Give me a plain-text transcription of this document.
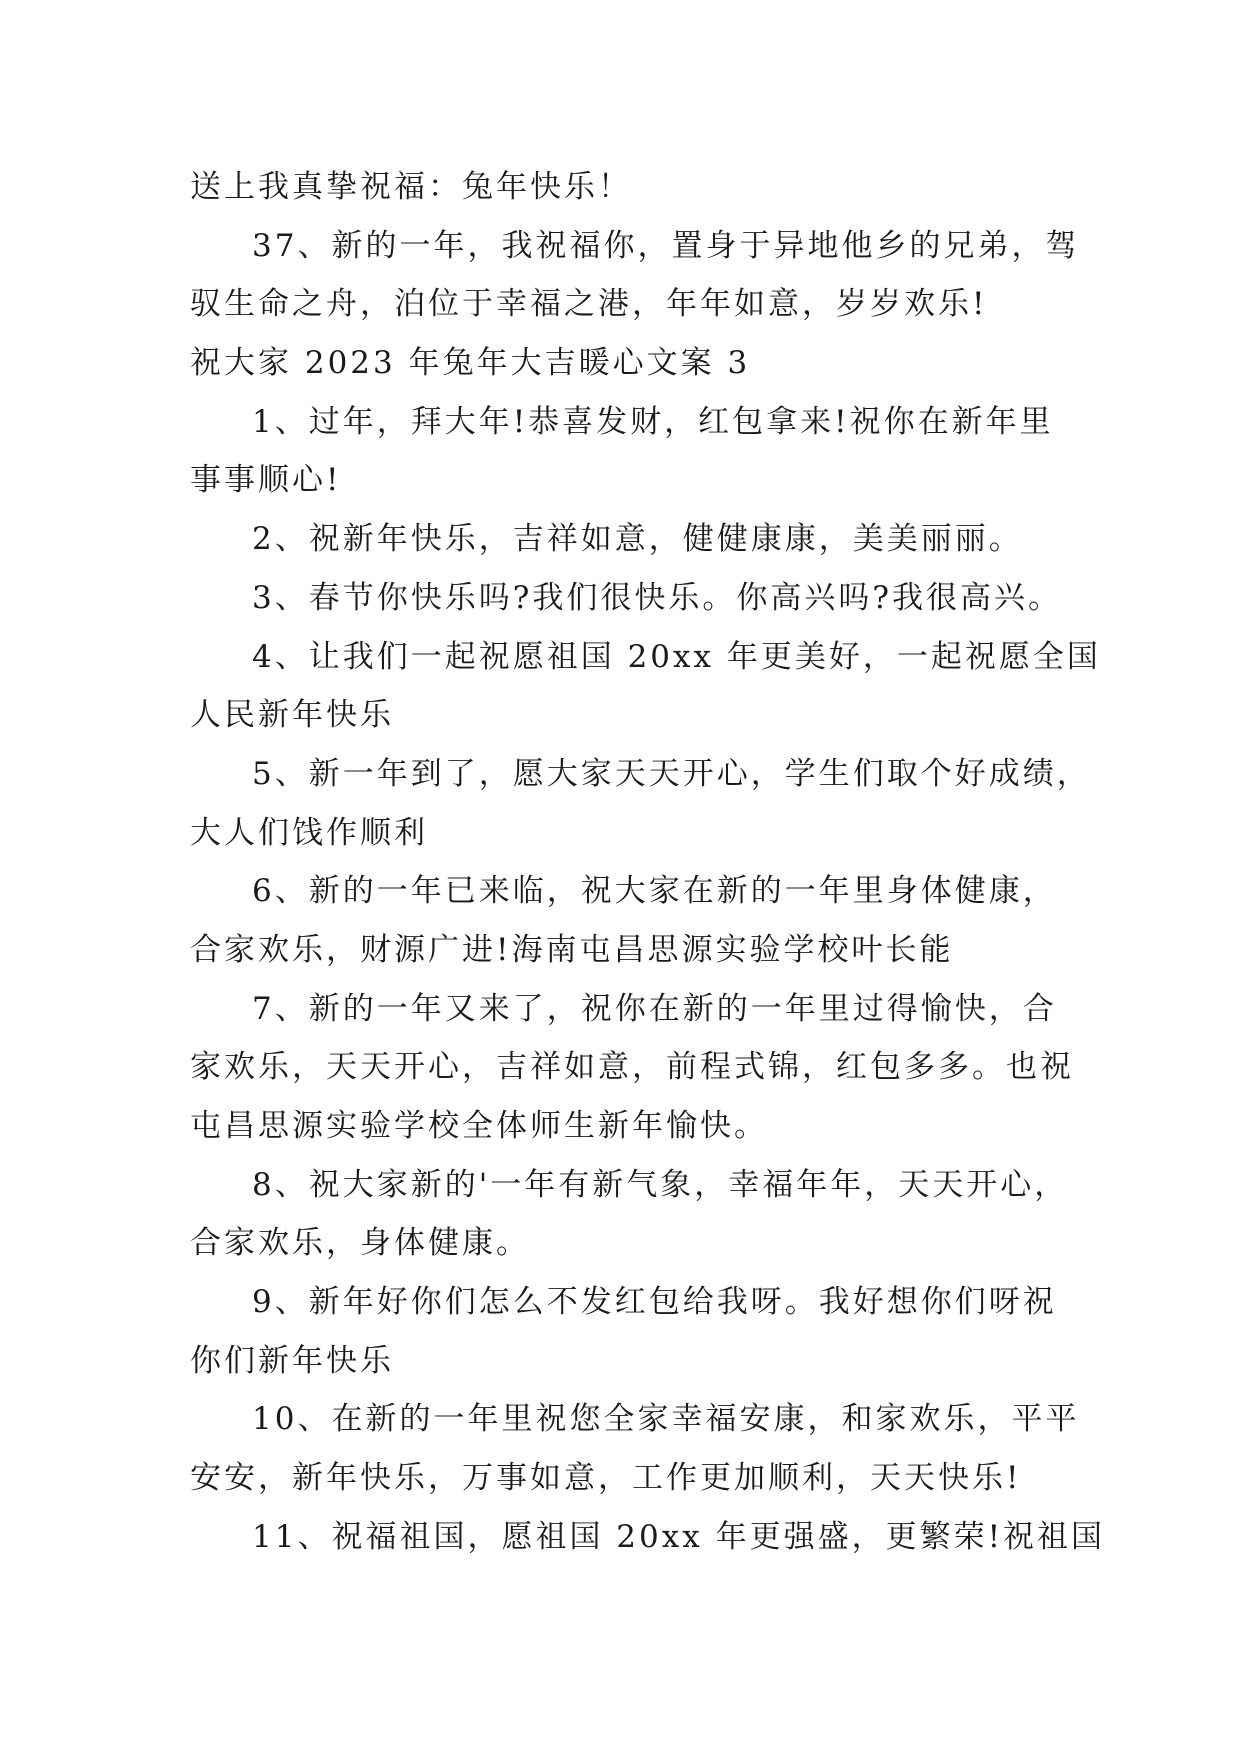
送上我真挚祝福：兔年快乐！
37、新的一年，我祝福你，置身于异地他乡的兄弟，驾
驭生命之舟，泊位于幸福之港，年年如意，岁岁欢乐!
祝大家 2023 年兔年大吉暖心文案 3
1、过年，拜大年!恭喜发财，红包拿来!祝你在新年里
事事顺心!
2、祝新年快乐，吉祥如意，健健康康，美美丽丽。
3、春节你快乐吗?我们很快乐。你高兴吗?我很高兴。
4、让我们一起祝愿祖国 20xx 年更美好，一起祝愿全国
人民新年快乐
5、新一年到了，愿大家天天开心，学生们取个好成绩，
大人们饯作顺利
6、新的一年已来临，祝大家在新的一年里身体健康，
合家欢乐，财源广进!海南屯昌思源实验学校叶长能
7、新的一年又来了，祝你在新的一年里过得愉快，合
家欢乐，天天开心，吉祥如意，前程式锦，红包多多。也祝
屯昌思源实验学校全体师生新年愉快。
8、祝大家新的'一年有新气象，幸福年年，天天开心，
合家欢乐，身体健康。
9、新年好你们怎么不发红包给我呀。我好想你们呀祝
你们新年快乐
10、在新的一年里祝您全家幸福安康，和家欢乐，平平
安安，新年快乐，万事如意，工作更加顺利，天天快乐!
11、祝福祖国，愿祖国 20xx 年更强盛，更繁荣!祝祖国
